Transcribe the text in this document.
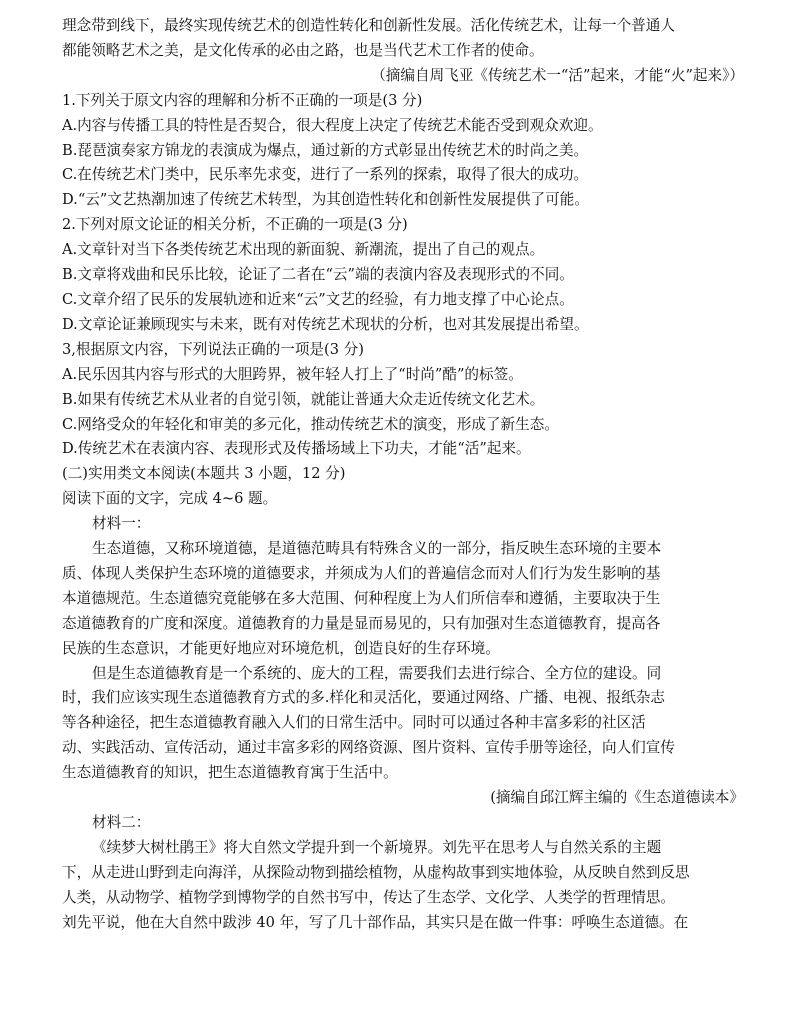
理念带到线下，最终实现传统艺术的创造性转化和创新性发展。活化传统艺术，让每一个普通人
都能领略艺术之美，是文化传承的必由之路，也是当代艺术工作者的使命。
（摘编自周飞亚《传统艺术一“活”起来，才能“火”起来》）
1.下列关于原文内容的理解和分析不正确的一项是(3 分)
A.内容与传播工具的特性是否契合，很大程度上决定了传统艺术能否受到观众欢迎。
B.琵琶演奏家方锦龙的表演成为爆点，通过新的方式彰显出传统艺术的时尚之美。
C.在传统艺术门类中，民乐率先求变，进行了一系列的探索，取得了很大的成功。
D.“云”文艺热潮加速了传统艺术转型，为其创造性转化和创新性发展提供了可能。
2.下列对原文论证的相关分析，不正确的一项是(3 分)
A.文章针对当下各类传统艺术出现的新面貌、新潮流，提出了自己的观点。
B.文章将戏曲和民乐比较，论证了二者在“云”端的表演内容及表现形式的不同。
C.文章介绍了民乐的发展轨迹和近来“云”文艺的经验，有力地支撑了中心论点。
D.文章论证兼顾现实与未来，既有对传统艺术现状的分析，也对其发展提出希望。
3,根据原文内容，下列说法正确的一项是(3 分)
A.民乐因其内容与形式的大胆跨界，被年轻人打上了“时尚”酷”的标签。
B.如果有传统艺术从业者的自觉引领，就能让普通大众走近传统文化艺术。
C.网络受众的年轻化和审美的多元化，推动传统艺术的演变，形成了新生态。
D.传统艺术在表演内容、表现形式及传播场域上下功夫，才能“活”起来。
(二)实用类文本阅读(本题共 3 小题，12 分)
阅读下面的文字，完成 4~6 题。
材料一：
生态道德，又称环境道德，是道德范畴具有特殊含义的一部分，指反映生态环境的主要本
质、体现人类保护生态环境的道德要求，并须成为人们的普遍信念而对人们行为发生影响的基
本道德规范。生态道德究竟能够在多大范围、何种程度上为人们所信奉和遵循，主要取决于生
态道德教育的广度和深度。道德教育的力量是显而易见的，只有加强对生态道德教育，提高各
民族的生态意识，才能更好地应对环境危机，创造良好的生存环境。
但是生态道德教育是一个系统的、庞大的工程，需要我们去进行综合、全方位的建设。同
时，我们应该实现生态道德教育方式的多.样化和灵活化，要通过网络、广播、电视、报纸杂志
等各种途径，把生态道德教育融入人们的日常生活中。同时可以通过各种丰富多彩的社区活
动、实践活动、宣传活动，通过丰富多彩的网络资源、图片资料、宣传手册等途径，向人们宣传
生态道德教育的知识，把生态道德教育寓于生活中。
(摘编自邱江辉主编的《生态道德读本》
材料二：
《续梦大树杜鹃王》将大自然文学提升到一个新境界。刘先平在思考人与自然关系的主题
下，从走进山野到走向海洋，从探险动物到描绘植物，从虚构故事到实地体验，从反映自然到反思
人类，从动物学、植物学到博物学的自然书写中，传达了生态学、文化学、人类学的哲理情思。
刘先平说，他在大自然中跋涉 40 年，写了几十部作品，其实只是在做一件事：呼唤生态道德。在
